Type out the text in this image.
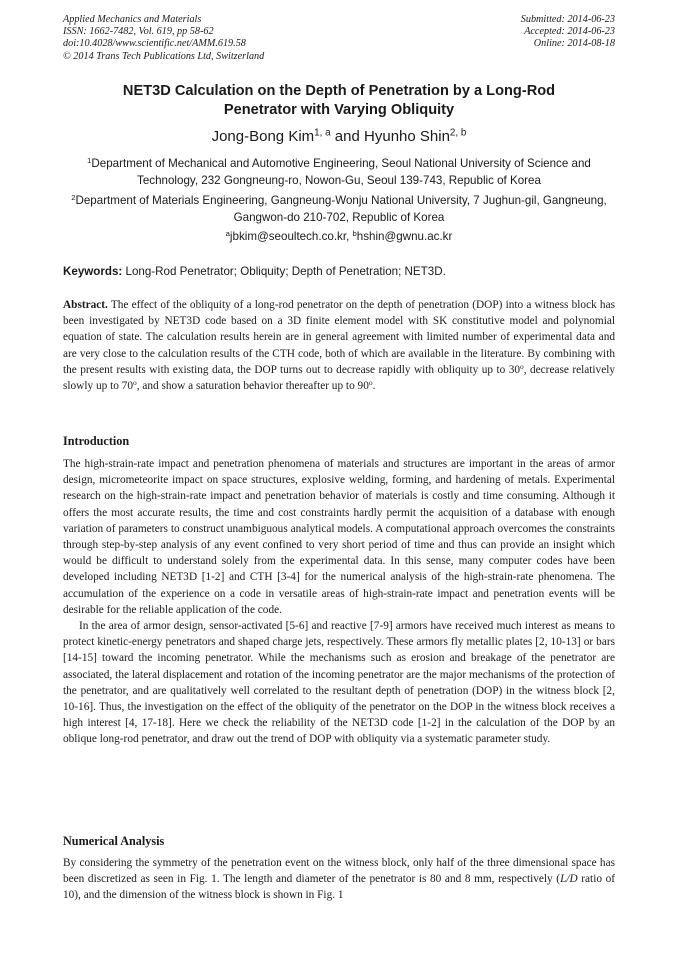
Applied Mechanics and Materials
ISSN: 1662-7482, Vol. 619, pp 58-62
doi:10.4028/www.scientific.net/AMM.619.58
© 2014 Trans Tech Publications Ltd, Switzerland
Submitted: 2014-06-23
Accepted: 2014-06-23
Online: 2014-08-18
NET3D Calculation on the Depth of Penetration by a Long-Rod
Penetrator with Varying Obliquity
Jong-Bong Kim$^{1, a}$ and Hyunho Shin$^{2, b}$
$^1$Department of Mechanical and Automotive Engineering, Seoul National University of Science and Technology, 232 Gongneung-ro, Nowon-Gu, Seoul 139-743, Republic of Korea
$^2$Department of Materials Engineering, Gangneung-Wonju National University, 7 Jughun-gil, Gangneung, Gangwon-do 210-702, Republic of Korea
$^a$jbkim@seoultech.co.kr, $^b$hshin@gwnu.ac.kr
Keywords: Long-Rod Penetrator; Obliquity; Depth of Penetration; NET3D.
Abstract. The effect of the obliquity of a long-rod penetrator on the depth of penetration (DOP) into a witness block has been investigated by NET3D code based on a 3D finite element model with SK constitutive model and polynomial equation of state. The calculation results herein are in general agreement with limited number of experimental data and are very close to the calculation results of the CTH code, both of which are available in the literature. By combining with the present results with existing data, the DOP turns out to decrease rapidly with obliquity up to 30$^o$, decrease relatively slowly up to 70$^o$, and show a saturation behavior thereafter up to 90$^o$.
Introduction

The high-strain-rate impact and penetration phenomena of materials and structures are important in the areas of armor design, micrometeorite impact on space structures, explosive welding, forming, and hardening of metals. Experimental research on the high-strain-rate impact and penetration behavior of materials is costly and time consuming. Although it offers the most accurate results, the time and cost constraints hardly permit the acquisition of a database with enough variation of parameters to construct unambiguous analytical models. A computational approach overcomes the constraints through step-by-step analysis of any event confined to very short period of time and thus can provide an insight which would be difficult to understand solely from the experimental data. In this sense, many computer codes have been developed including NET3D [1-2] and CTH [3-4] for the numerical analysis of the high-strain-rate phenomena. The accumulation of the experience on a code in versatile areas of high-strain-rate impact and penetration events will be desirable for the reliable application of the code.

In the area of armor design, sensor-activated [5-6] and reactive [7-9] armors have received much interest as means to protect kinetic-energy penetrators and shaped charge jets, respectively. These armors fly metallic plates [2, 10-13] or bars [14-15] toward the incoming penetrator. While the mechanisms such as erosion and breakage of the penetrator are associated, the lateral displacement and rotation of the incoming penetrator are the major mechanisms of the protection of the penetrator, and are qualitatively well correlated to the resultant depth of penetration (DOP) in the witness block [2, 10-16]. Thus, the investigation on the effect of the obliquity of the penetrator on the DOP in the witness block receives a high interest [4, 17-18]. Here we check the reliability of the NET3D code [1-2] in the calculation of the DOP by an oblique long-rod penetrator, and draw out the trend of DOP with obliquity via a systematic parameter study.

Numerical Analysis
By considering the symmetry of the penetration event on the witness block, only half of the three dimensional space has been discretized as seen in Fig. 1. The length and diameter of the penetrator is 80 and 8 mm, respectively (L/D ratio of 10), and the dimension of the witness block is shown in Fig. 1
